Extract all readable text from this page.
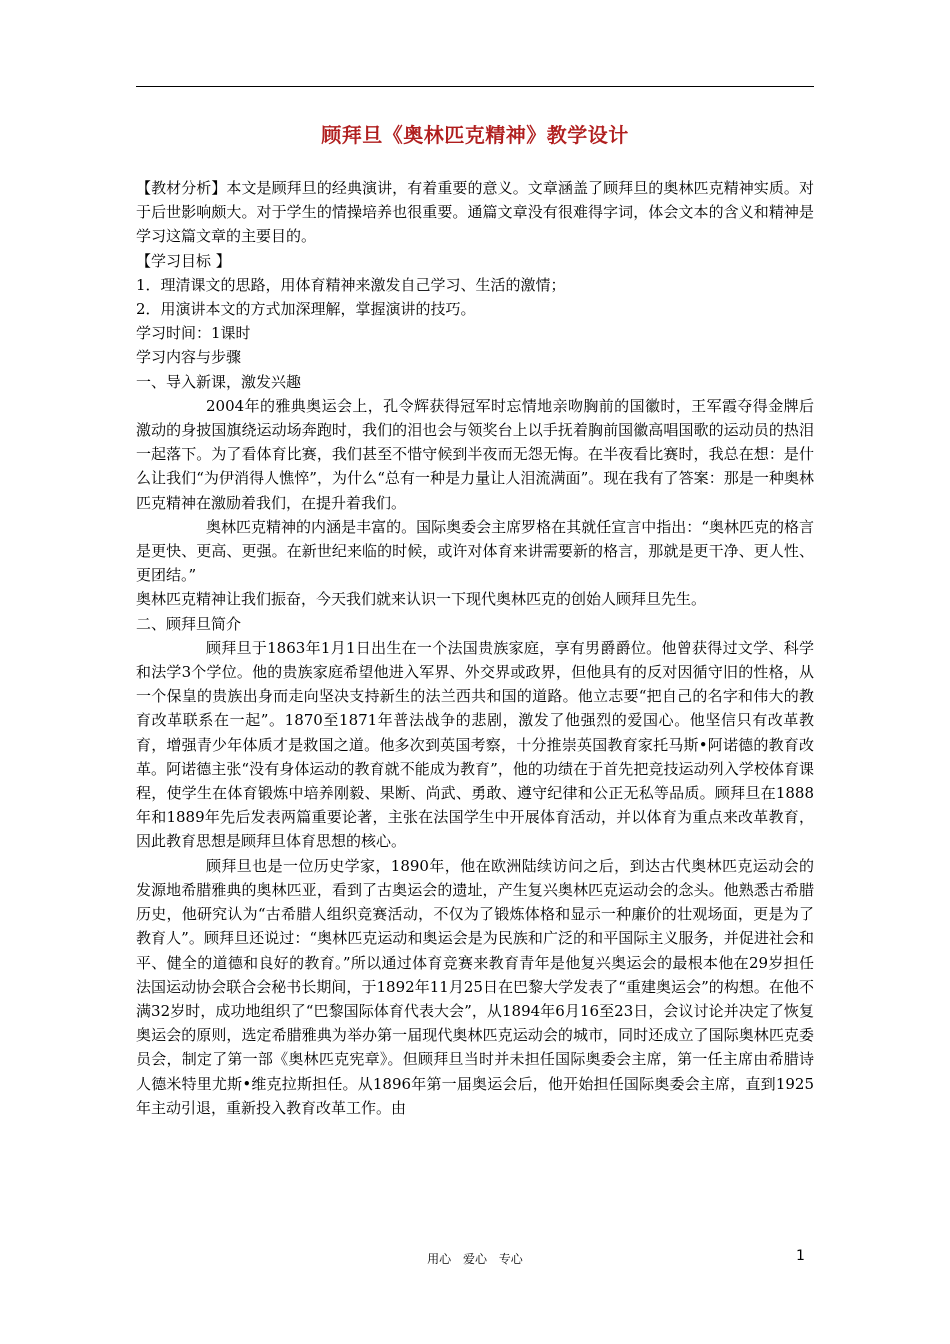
顾拜旦《奥林匹克精神》教学设计

【教材分析】本文是顾拜旦的经典演讲，有着重要的意义。文章涵盖了顾拜旦的奥林匹克精神实质。对于后世影响颇大。对于学生的情操培养也很重要。通篇文章没有很难得字词，体会文本的含义和精神是学习这篇文章的主要目的。

【学习目标 】

1．理清课文的思路，用体育精神来激发自己学习、生活的激情；

2．用演讲本文的方式加深理解，掌握演讲的技巧。

学习时间：1课时

学习内容与步骤

一、导入新课，激发兴趣

2004年的雅典奥运会上，孔令辉获得冠军时忘情地亲吻胸前的国徽时，王军霞夺得金牌后激动的身披国旗绕运动场奔跑时，我们的泪也会与领奖台上以手抚着胸前国徽高唱国歌的运动员的热泪一起落下。为了看体育比赛，我们甚至不惜守候到半夜而无怨无悔。在半夜看比赛时，我总在想：是什么让我们“为伊消得人憔悴”，为什么“总有一种是力量让人泪流满面”。现在我有了答案：那是一种奥林匹克精神在激励着我们，在提升着我们。

奥林匹克精神的内涵是丰富的。国际奥委会主席罗格在其就任宣言中指出：“奥林匹克的格言是更快、更高、更强。在新世纪来临的时候，或许对体育来讲需要新的格言，那就是更干净、更人性、更团结。”

奥林匹克精神让我们振奋，今天我们就来认识一下现代奥林匹克的创始人顾拜旦先生。

二、顾拜旦简介

顾拜旦于1863年1月1日出生在一个法国贵族家庭，享有男爵爵位。他曾获得过文学、科学和法学3个学位。他的贵族家庭希望他进入军界、外交界或政界，但他具有的反对因循守旧的性格，从一个保皇的贵族出身而走向坚决支持新生的法兰西共和国的道路。他立志要“把自己的名字和伟大的教育改革联系在一起”。1870至1871年普法战争的悲剧，激发了他强烈的爱国心。他坚信只有改革教育，增强青少年体质才是救国之道。他多次到英国考察，十分推崇英国教育家托马斯•阿诺德的教育改革。阿诺德主张“没有身体运动的教育就不能成为教育”，他的功绩在于首先把竞技运动列入学校体育课程，使学生在体育锻炼中培养刚毅、果断、尚武、勇敢、遵守纪律和公正无私等品质。顾拜旦在1888年和1889年先后发表两篇重要论著，主张在法国学生中开展体育活动，并以体育为重点来改革教育，因此教育思想是顾拜旦体育思想的核心。

顾拜旦也是一位历史学家，1890年，他在欧洲陆续访问之后，到达古代奥林匹克运动会的发源地希腊雅典的奥林匹亚，看到了古奥运会的遗址，产生复兴奥林匹克运动会的念头。他熟悉古希腊历史，他研究认为“古希腊人组织竞赛活动，不仅为了锻炼体格和显示一种廉价的壮观场面，更是为了教育人”。顾拜旦还说过：“奥林匹克运动和奥运会是为民族和广泛的和平国际主义服务，并促进社会和平、健全的道德和良好的教育。”所以通过体育竞赛来教育青年是他复兴奥运会的最根本他在29岁担任法国运动协会联合会秘书长期间，于1892年11月25日在巴黎大学发表了“重建奥运会”的构想。在他不满32岁时，成功地组织了“巴黎国际体育代表大会”，从1894年6月16至23日，会议讨论并决定了恢复奥运会的原则，选定希腊雅典为举办第一届现代奥林匹克运动会的城市，同时还成立了国际奥林匹克委员会，制定了第一部《奥林匹克宪章》。但顾拜旦当时并未担任国际奥委会主席，第一任主席由希腊诗人德米特里尤斯•维克拉斯担任。从1896年第一届奥运会后，他开始担任国际奥委会主席，直到1925年主动引退，重新投入教育改革工作。由

用心 爱心 专心	1
